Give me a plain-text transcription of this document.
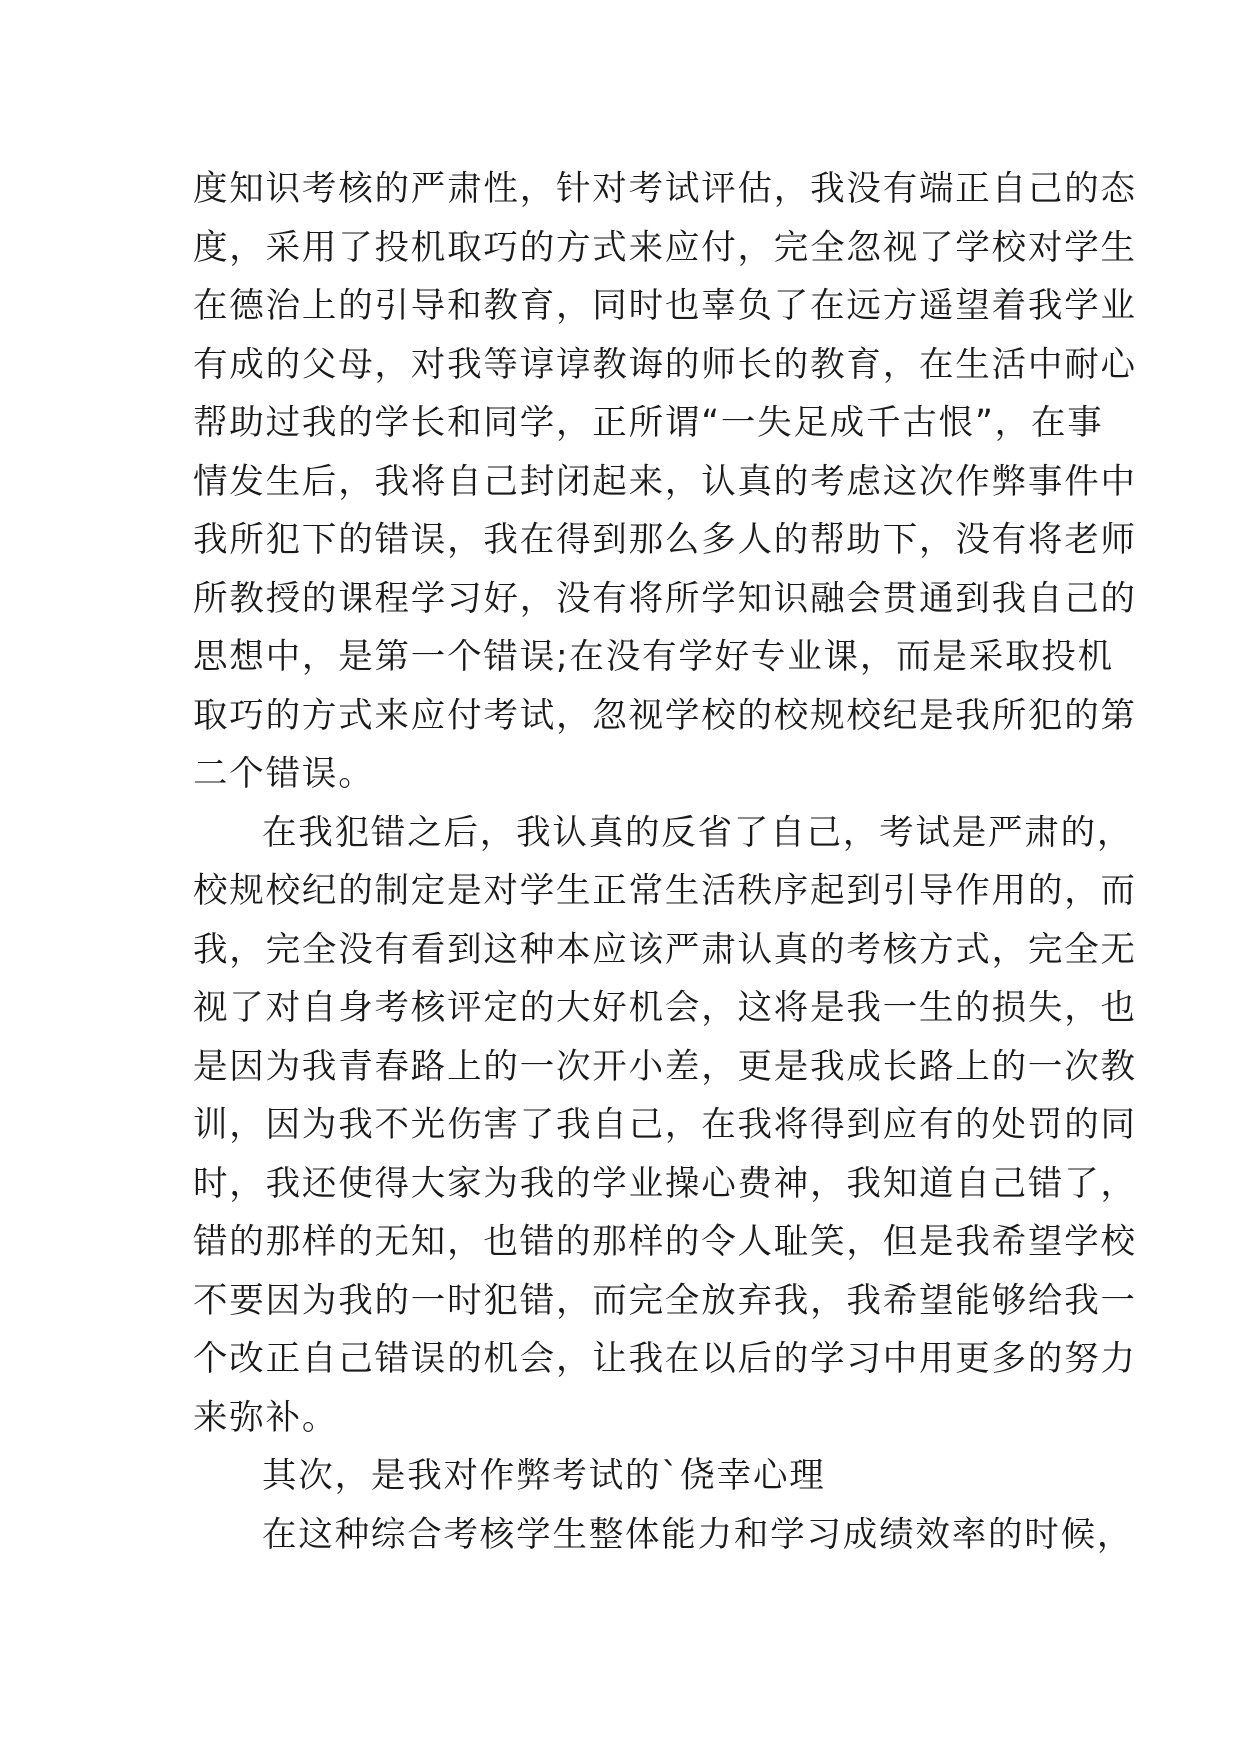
度知识考核的严肃性，针对考试评估，我没有端正自己的态
度，采用了投机取巧的方式来应付，完全忽视了学校对学生
在德治上的引导和教育，同时也辜负了在远方遥望着我学业
有成的父母，对我等谆谆教诲的师长的教育，在生活中耐心
帮助过我的学长和同学，正所谓“一失足成千古恨”，在事
情发生后，我将自己封闭起来，认真的考虑这次作弊事件中
我所犯下的错误，我在得到那么多人的帮助下，没有将老师
所教授的课程学习好，没有将所学知识融会贯通到我自己的
思想中，是第一个错误;在没有学好专业课，而是采取投机
取巧的方式来应付考试，忽视学校的校规校纪是我所犯的第
二个错误。
在我犯错之后，我认真的反省了自己，考试是严肃的，
校规校纪的制定是对学生正常生活秩序起到引导作用的，而
我，完全没有看到这种本应该严肃认真的考核方式，完全无
视了对自身考核评定的大好机会，这将是我一生的损失，也
是因为我青春路上的一次开小差，更是我成长路上的一次教
训，因为我不光伤害了我自己，在我将得到应有的处罚的同
时，我还使得大家为我的学业操心费神，我知道自己错了，
错的那样的无知，也错的那样的令人耻笑，但是我希望学校
不要因为我的一时犯错，而完全放弃我，我希望能够给我一
个改正自己错误的机会，让我在以后的学习中用更多的努力
来弥补。
其次，是我对作弊考试的`侥幸心理
在这种综合考核学生整体能力和学习成绩效率的时候，
